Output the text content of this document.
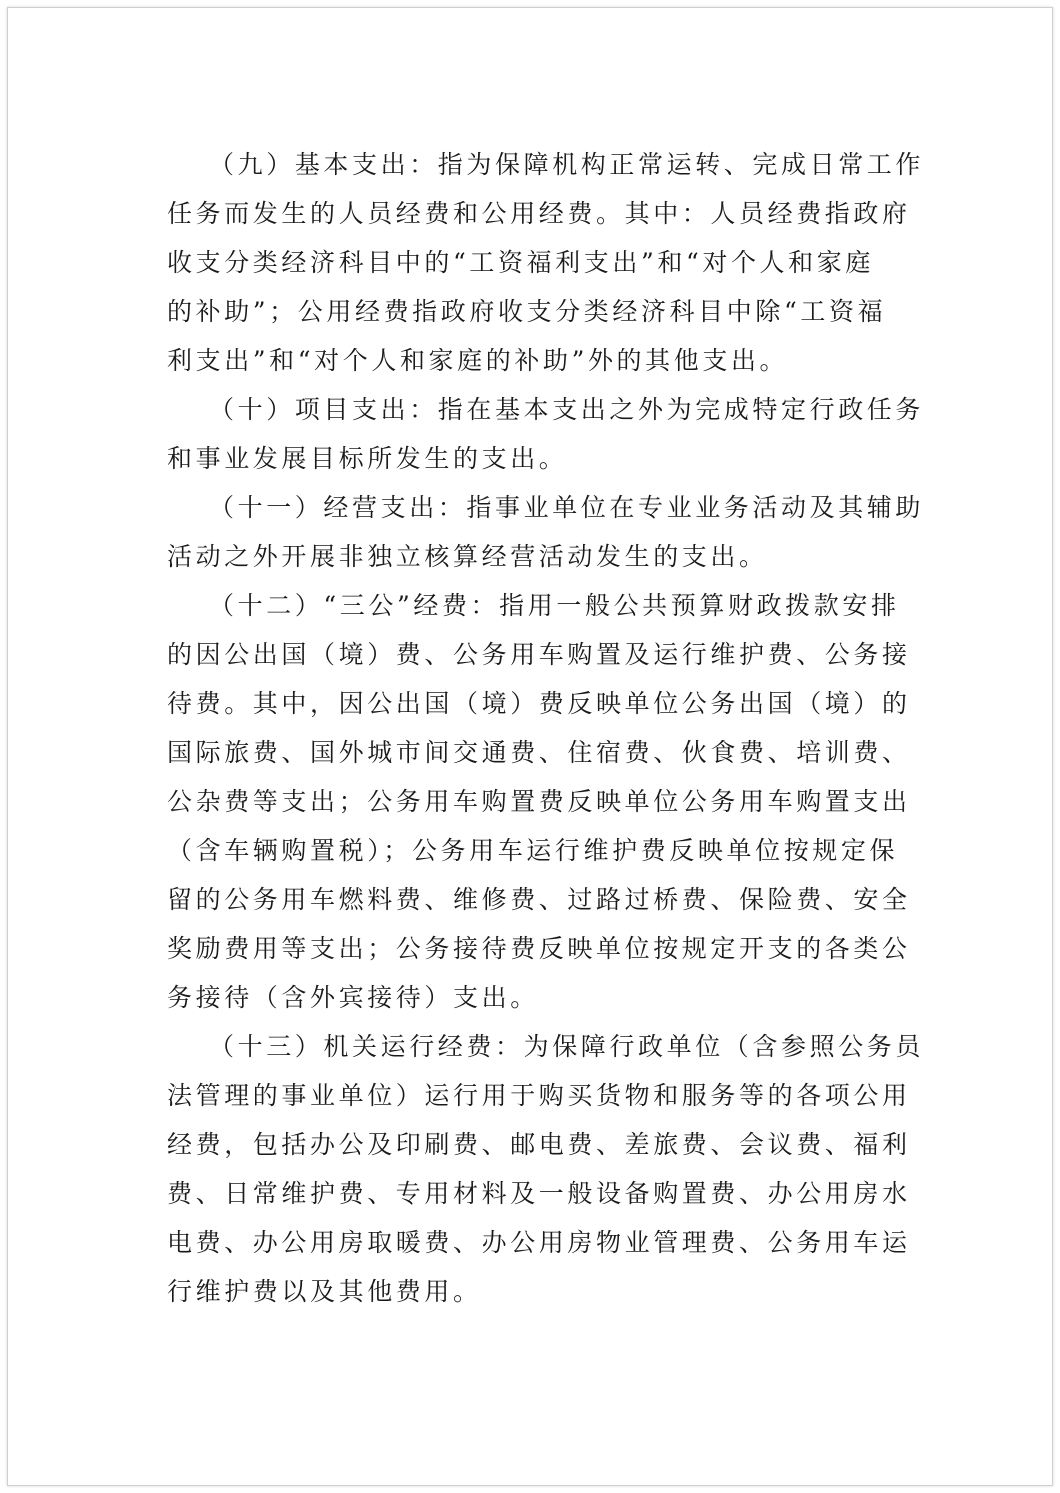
（九）基本支出：指为保障机构正常运转、完成日常工作
任务而发生的人员经费和公用经费。其中：人员经费指政府
收支分类经济科目中的“工资福利支出”和“对个人和家庭
的补助”；公用经费指政府收支分类经济科目中除“工资福
利支出”和“对个人和家庭的补助”外的其他支出。
（十）项目支出：指在基本支出之外为完成特定行政任务
和事业发展目标所发生的支出。
（十一）经营支出：指事业单位在专业业务活动及其辅助
活动之外开展非独立核算经营活动发生的支出。
（十二）“三公”经费：指用一般公共预算财政拨款安排
的因公出国（境）费、公务用车购置及运行维护费、公务接
待费。其中，因公出国（境）费反映单位公务出国（境）的
国际旅费、国外城市间交通费、住宿费、伙食费、培训费、
公杂费等支出；公务用车购置费反映单位公务用车购置支出
（含车辆购置税）；公务用车运行维护费反映单位按规定保
留的公务用车燃料费、维修费、过路过桥费、保险费、安全
奖励费用等支出；公务接待费反映单位按规定开支的各类公
务接待（含外宾接待）支出。
（十三）机关运行经费：为保障行政单位（含参照公务员
法管理的事业单位）运行用于购买货物和服务等的各项公用
经费，包括办公及印刷费、邮电费、差旅费、会议费、福利
费、日常维护费、专用材料及一般设备购置费、办公用房水
电费、办公用房取暖费、办公用房物业管理费、公务用车运
行维护费以及其他费用。
